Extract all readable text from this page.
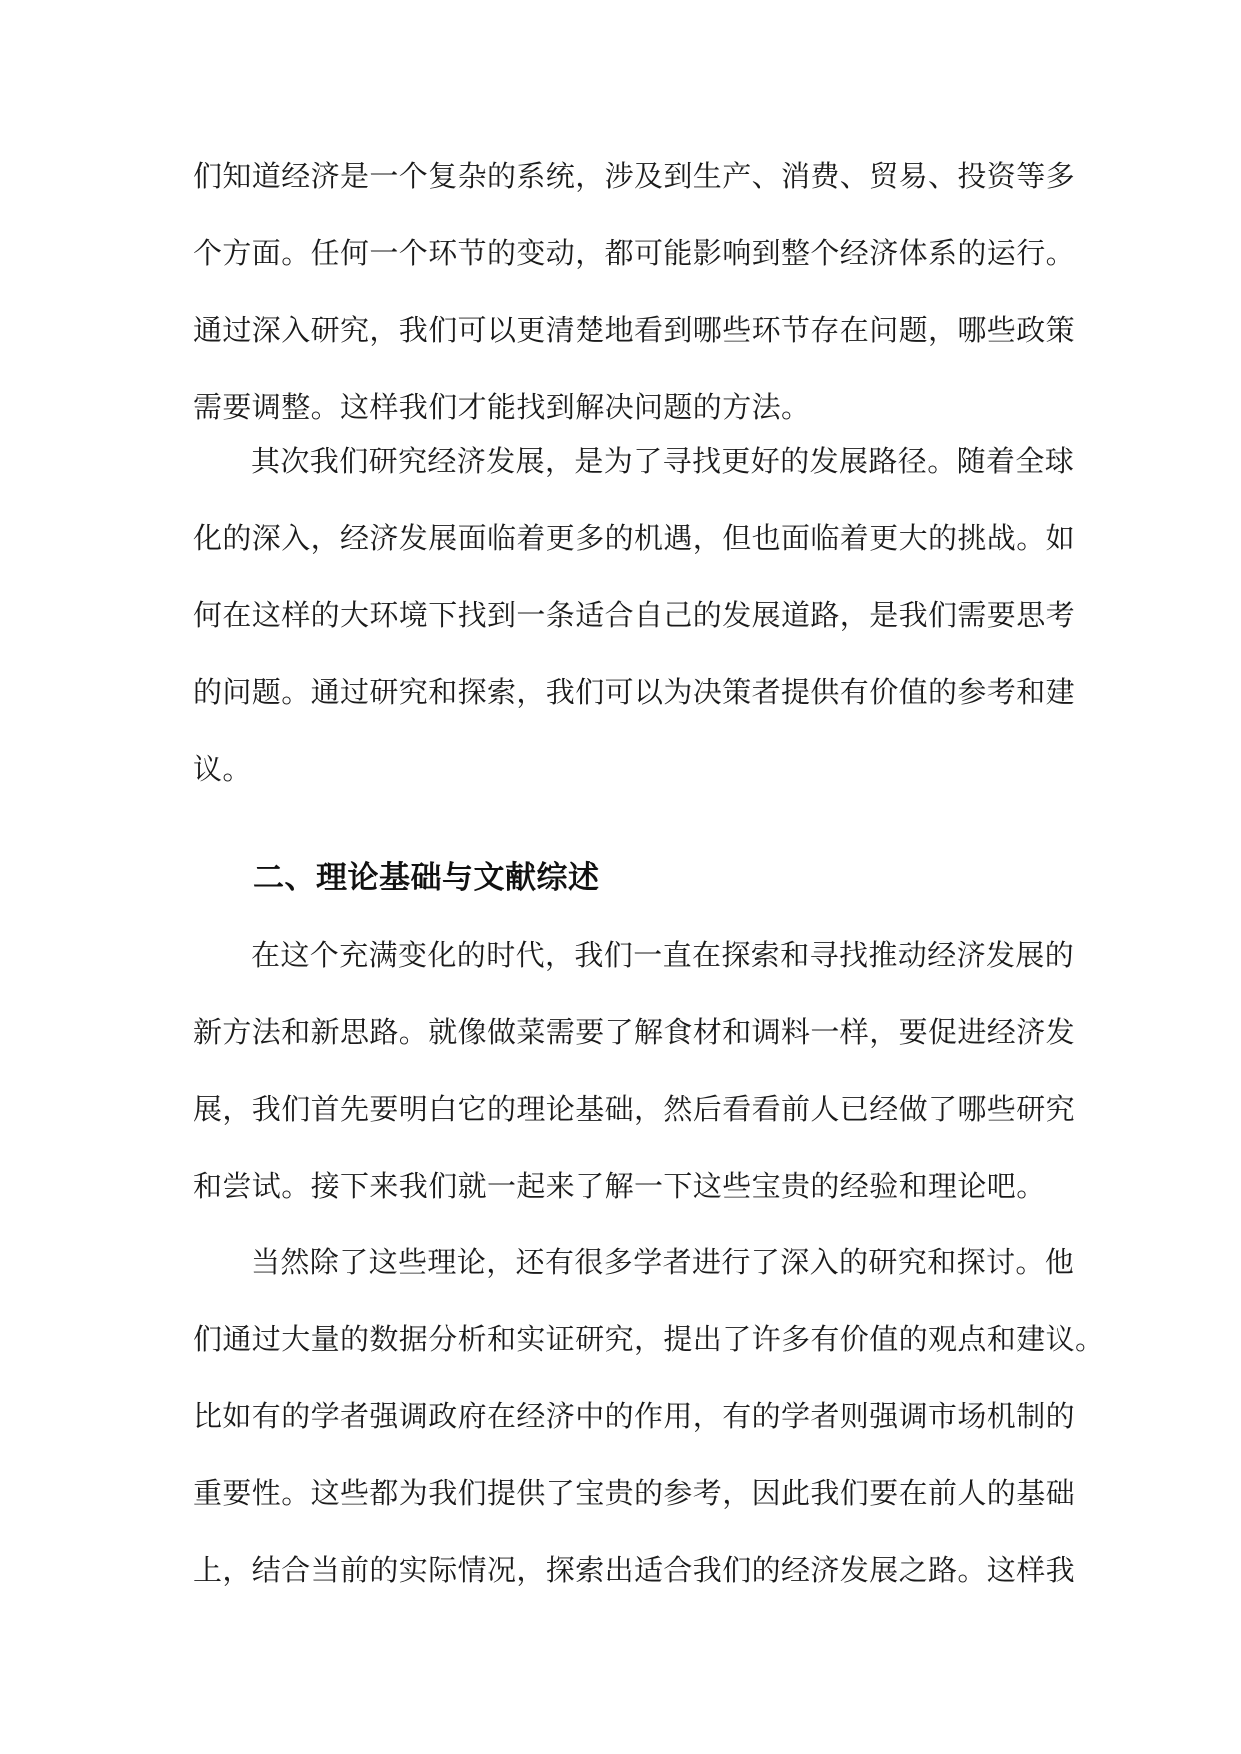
们知道经济是一个复杂的系统，涉及到生产、消费、贸易、投资等多
个方面。任何一个环节的变动，都可能影响到整个经济体系的运行。
通过深入研究，我们可以更清楚地看到哪些环节存在问题，哪些政策
需要调整。这样我们才能找到解决问题的方法。
其次我们研究经济发展，是为了寻找更好的发展路径。随着全球
化的深入，经济发展面临着更多的机遇，但也面临着更大的挑战。如
何在这样的大环境下找到一条适合自己的发展道路，是我们需要思考
的问题。通过研究和探索，我们可以为决策者提供有价值的参考和建
议。
二、理论基础与文献综述
在这个充满变化的时代，我们一直在探索和寻找推动经济发展的
新方法和新思路。就像做菜需要了解食材和调料一样，要促进经济发
展，我们首先要明白它的理论基础，然后看看前人已经做了哪些研究
和尝试。接下来我们就一起来了解一下这些宝贵的经验和理论吧。
当然除了这些理论，还有很多学者进行了深入的研究和探讨。他
们通过大量的数据分析和实证研究，提出了许多有价值的观点和建议。
比如有的学者强调政府在经济中的作用，有的学者则强调市场机制的
重要性。这些都为我们提供了宝贵的参考，因此我们要在前人的基础
上，结合当前的实际情况，探索出适合我们的经济发展之路。这样我
